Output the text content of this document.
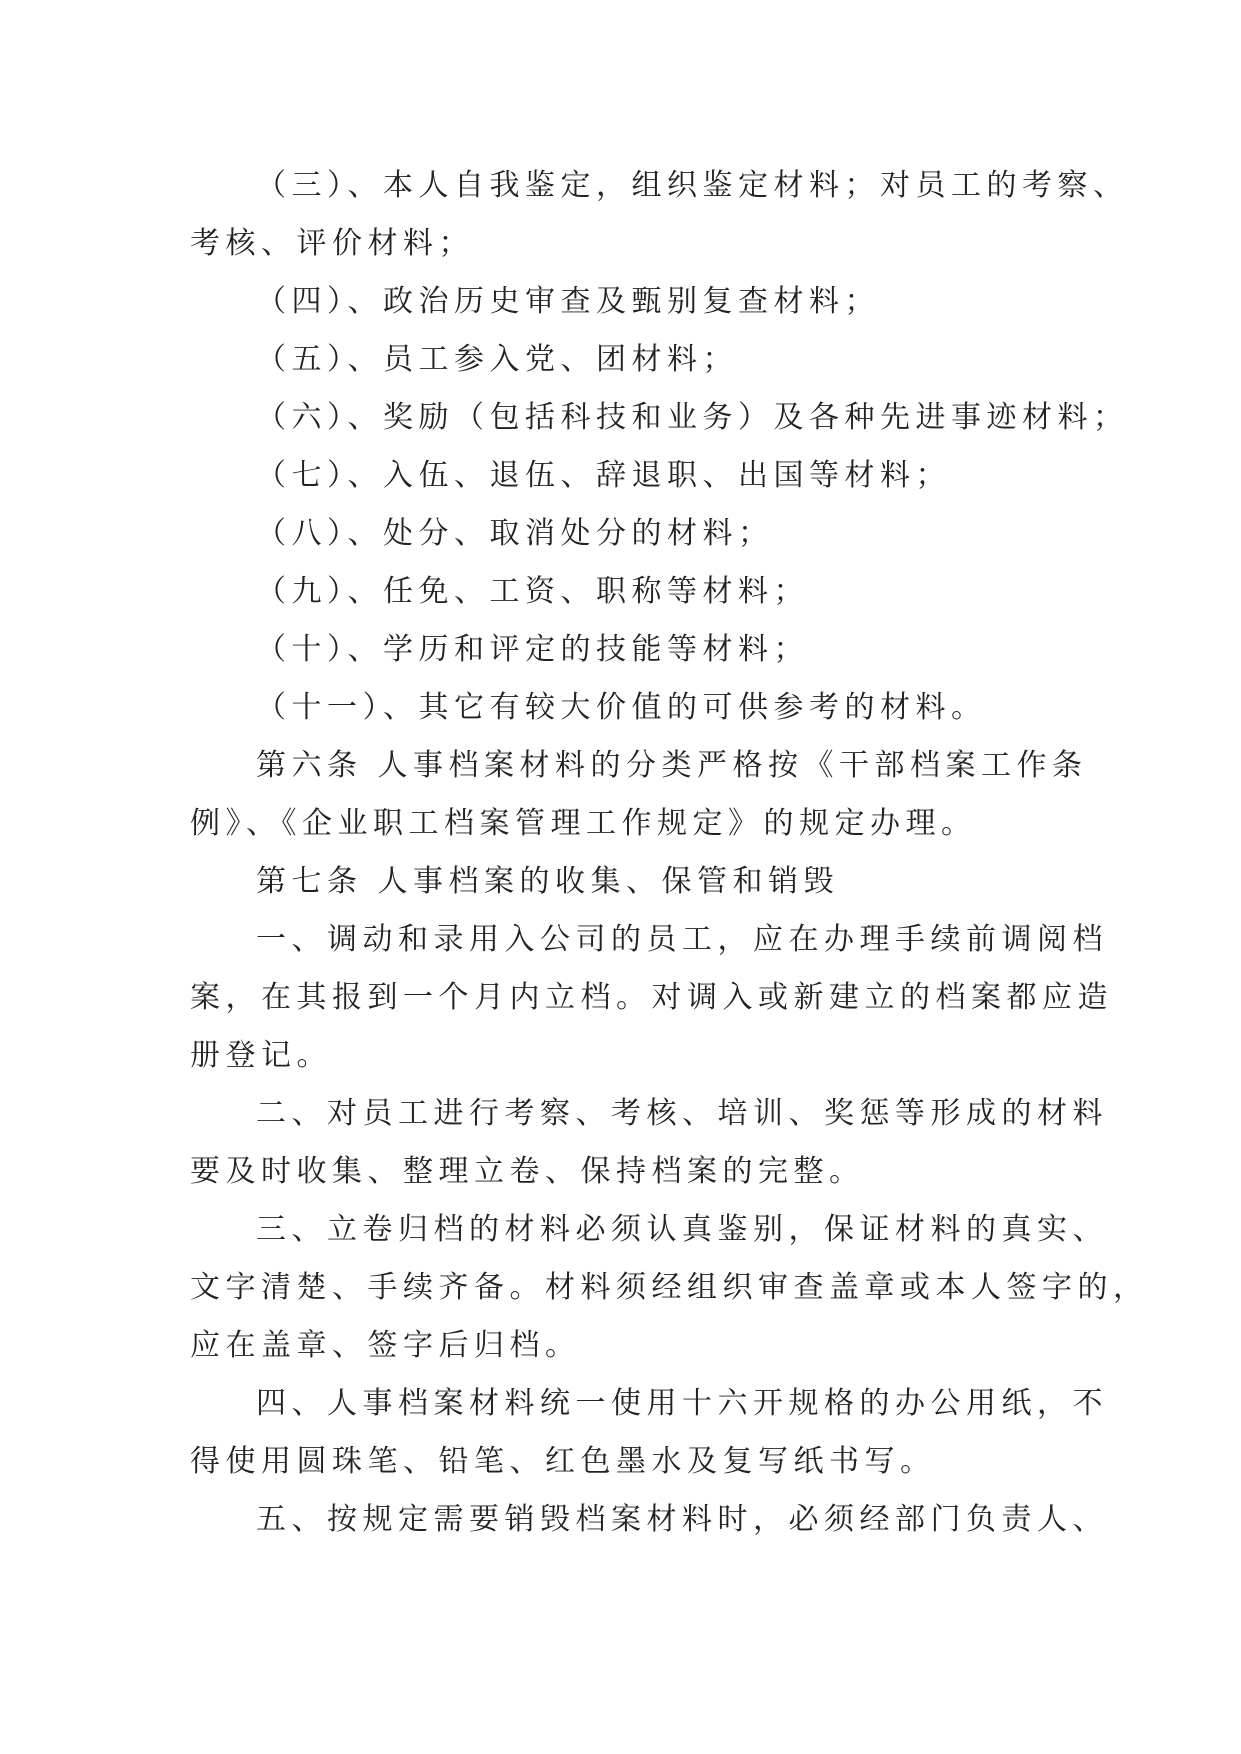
（三）、本人自我鉴定，组织鉴定材料；对员工的考察、
考核、评价材料；
（四）、政治历史审查及甄别复查材料；
（五）、员工参入党、团材料；
（六）、奖励（包括科技和业务）及各种先进事迹材料；
（七）、入伍、退伍、辞退职、出国等材料；
（八）、处分、取消处分的材料；
（九）、任免、工资、职称等材料；
（十）、学历和评定的技能等材料；
（十一）、其它有较大价值的可供参考的材料。
第六条 人事档案材料的分类严格按《干部档案工作条
例》、《企业职工档案管理工作规定》的规定办理。
第七条 人事档案的收集、保管和销毁
一、调动和录用入公司的员工，应在办理手续前调阅档
案，在其报到一个月内立档。对调入或新建立的档案都应造
册登记。
二、对员工进行考察、考核、培训、奖惩等形成的材料
要及时收集、整理立卷、保持档案的完整。
三、立卷归档的材料必须认真鉴别，保证材料的真实、
文字清楚、手续齐备。材料须经组织审查盖章或本人签字的，
应在盖章、签字后归档。
四、人事档案材料统一使用十六开规格的办公用纸，不
得使用圆珠笔、铅笔、红色墨水及复写纸书写。
五、按规定需要销毁档案材料时，必须经部门负责人、
